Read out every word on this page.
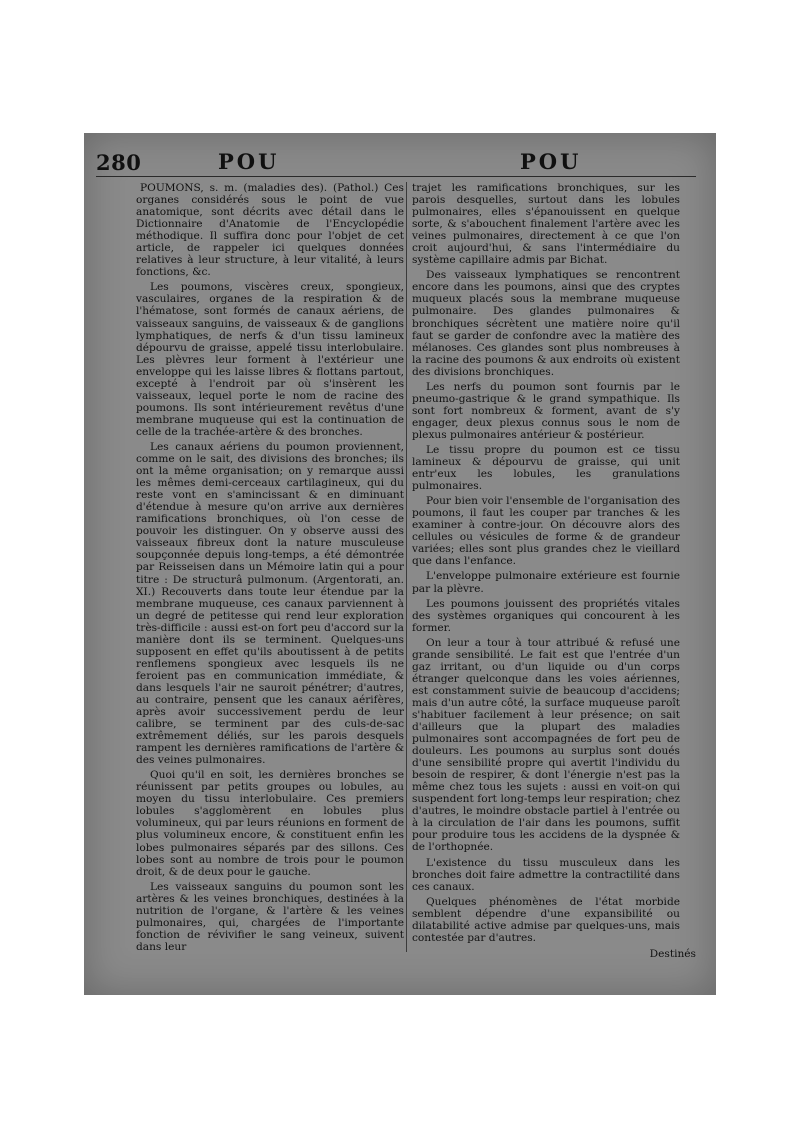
280	POU	POU

POUMONS, s. m. (maladies des). (Pathol.) Ces organes considérés sous le point de vue anatomique, sont décrits avec détail dans le Dictionnaire d'Anatomie de l'Encyclopédie méthodique. Il suffira donc pour l'objet de cet article, de rappeler ici quelques données relatives à leur structure, à leur vitalité, à leurs fonctions, &c.

Les poumons, viscères creux, spongieux, vasculaires, organes de la respiration & de l'hématose, sont formés de canaux aériens, de vaisseaux sanguins, de vaisseaux & de ganglions lymphatiques, de nerfs & d'un tissu lamineux dépourvu de graisse, appelé tissu interlobulaire. Les plèvres leur forment à l'extérieur une enveloppe qui les laisse libres & flottans partout, excepté à l'endroit par où s'insèrent les vaisseaux, lequel porte le nom de racine des poumons. Ils sont intérieurement revêtus d'une membrane muqueuse qui est la continuation de celle de la trachée-artère & des bronches.

Les canaux aériens du poumon proviennent, comme on le sait, des divisions des bronches; ils ont la même organisation; on y remarque aussi les mêmes demi-cerceaux cartilagineux, qui du reste vont en s'amincissant & en diminuant d'étendue à mesure qu'on arrive aux dernières ramifications bronchiques, où l'on cesse de pouvoir les distinguer. On y observe aussi des vaisseaux fibreux dont la nature musculeuse soupçonnée depuis long-temps, a été démontrée par Reisseisen dans un Mémoire latin qui a pour titre : De structurâ pulmonum. (Argentorati, an. XI.) Recouverts dans toute leur étendue par la membrane muqueuse, ces canaux parviennent à un degré de petitesse qui rend leur exploration très-difficile : aussi est-on fort peu d'accord sur la manière dont ils se terminent. Quelques-uns supposent en effet qu'ils aboutissent à de petits renflemens spongieux avec lesquels ils ne feroient pas en communication immédiate, & dans lesquels l'air ne sauroit pénétrer; d'autres, au contraire, pensent que les canaux aérifères, après avoir successivement perdu de leur calibre, se terminent par des culs-de-sac extrêmement déliés, sur les parois desquels rampent les dernières ramifications de l'artère & des veines pulmonaires.

Quoi qu'il en soit, les dernières bronches se réunissent par petits groupes ou lobules, au moyen du tissu interlobulaire. Ces premiers lobules s'agglomèrent en lobules plus volumineux, qui par leurs réunions en forment de plus volumineux encore, & constituent enfin les lobes pulmonaires séparés par des sillons. Ces lobes sont au nombre de trois pour le poumon droit, & de deux pour le gauche.

Les vaisseaux sanguins du poumon sont les artères & les veines bronchiques, destinées à la nutrition de l'organe, & l'artère & les veines pulmonaires, qui, chargées de l'importante fonction de révivifier le sang veineux, suivent dans leur

trajet les ramifications bronchiques, sur les parois desquelles, surtout dans les lobules pulmonaires, elles s'épanouissent en quelque sorte, & s'abouchent finalement l'artère avec les veines pulmonaires, directement à ce que l'on croit aujourd'hui, & sans l'intermédiaire du système capillaire admis par Bichat.

Des vaisseaux lymphatiques se rencontrent encore dans les poumons, ainsi que des cryptes muqueux placés sous la membrane muqueuse pulmonaire. Des glandes pulmonaires & bronchiques sécrètent une matière noire qu'il faut se garder de confondre avec la matière des mélanoses. Ces glandes sont plus nombreuses à la racine des poumons & aux endroits où existent des divisions bronchiques.

Les nerfs du poumon sont fournis par le pneumo-gastrique & le grand sympathique. Ils sont fort nombreux & forment, avant de s'y engager, deux plexus connus sous le nom de plexus pulmonaires antérieur & postérieur.

Le tissu propre du poumon est ce tissu lamineux & dépourvu de graisse, qui unit entr'eux les lobules, les granulations pulmonaires.

Pour bien voir l'ensemble de l'organisation des poumons, il faut les couper par tranches & les examiner à contre-jour. On découvre alors des cellules ou vésicules de forme & de grandeur variées; elles sont plus grandes chez le vieillard que dans l'enfance.

L'enveloppe pulmonaire extérieure est fournie par la plèvre.

Les poumons jouissent des propriétés vitales des systèmes organiques qui concourent à les former.

On leur a tour à tour attribué & refusé une grande sensibilité. Le fait est que l'entrée d'un gaz irritant, ou d'un liquide ou d'un corps étranger quelconque dans les voies aériennes, est constamment suivie de beaucoup d'accidens; mais d'un autre côté, la surface muqueuse paroît s'habituer facilement à leur présence; on sait d'ailleurs que la plupart des maladies pulmonaires sont accompagnées de fort peu de douleurs. Les poumons au surplus sont doués d'une sensibilité propre qui avertit l'individu du besoin de respirer, & dont l'énergie n'est pas la même chez tous les sujets : aussi en voit-on qui suspendent fort long-temps leur respiration; chez d'autres, le moindre obstacle partiel à l'entrée ou à la circulation de l'air dans les poumons, suffit pour produire tous les accidens de la dyspnée & de l'orthopnée.

L'existence du tissu musculeux dans les bronches doit faire admettre la contractilité dans ces canaux.

Quelques phénomènes de l'état morbide semblent dépendre d'une expansibilité ou dilatabilité active admise par quelques-uns, mais contestée par d'autres.

Destinés
